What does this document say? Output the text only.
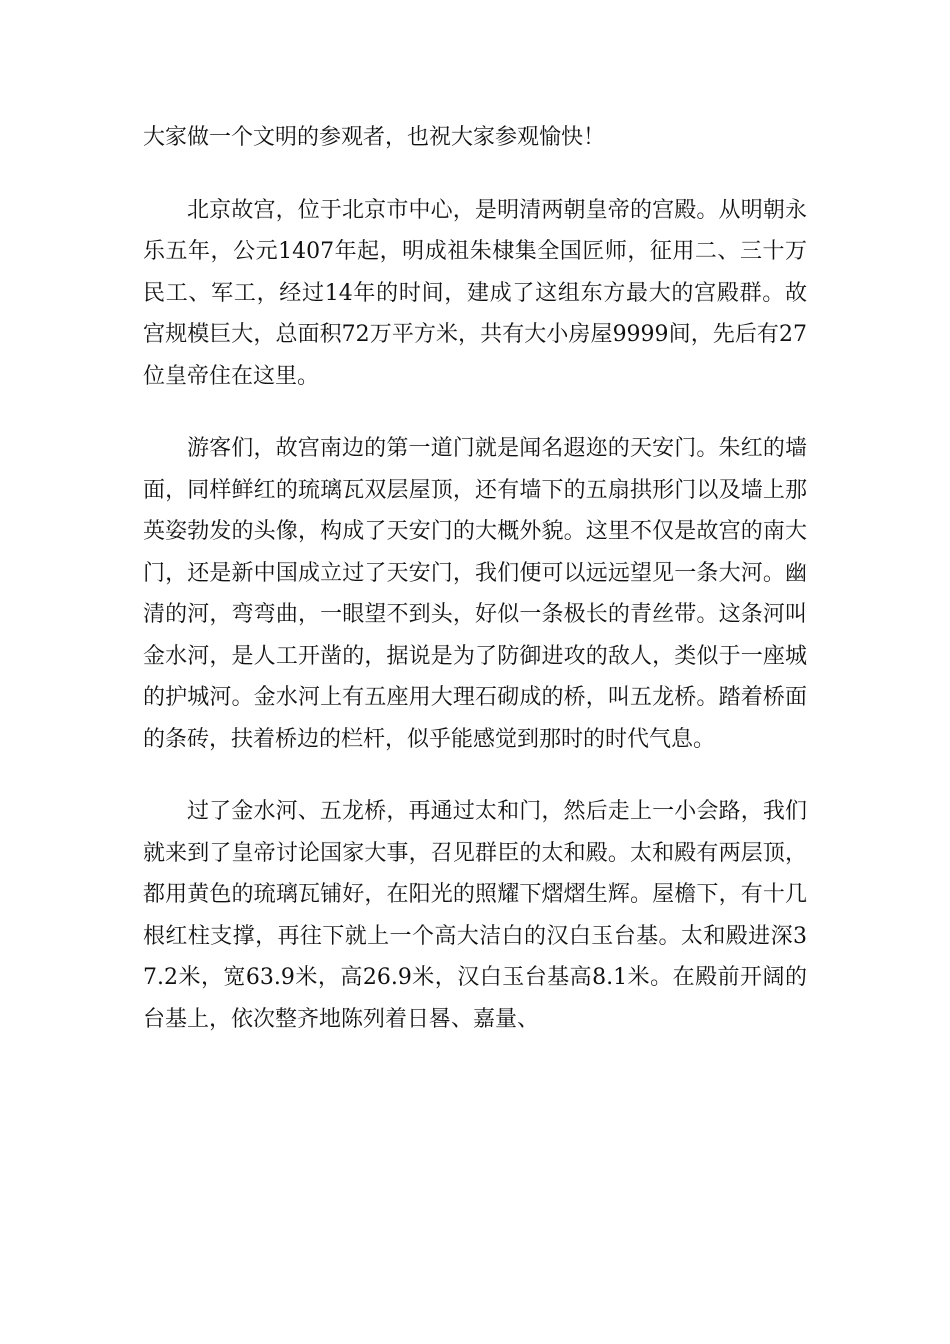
大家做一个文明的参观者，也祝大家参观愉快！

北京故宫，位于北京市中心，是明清两朝皇帝的宫殿。从明朝永乐五年，公元1407年起，明成祖朱棣集全国匠师，征用二、三十万民工、军工，经过14年的时间，建成了这组东方最大的宫殿群。故宫规模巨大，总面积72万平方米，共有大小房屋9999间，先后有27位皇帝住在这里。

游客们，故宫南边的第一道门就是闻名遐迩的天安门。朱红的墙面，同样鲜红的琉璃瓦双层屋顶，还有墙下的五扇拱形门以及墙上那英姿勃发的头像，构成了天安门的大概外貌。这里不仅是故宫的南大门，还是新中国成立过了天安门，我们便可以远远望见一条大河。幽清的河，弯弯曲，一眼望不到头，好似一条极长的青丝带。这条河叫金水河，是人工开凿的，据说是为了防御进攻的敌人，类似于一座城的护城河。金水河上有五座用大理石砌成的桥，叫五龙桥。踏着桥面的条砖，扶着桥边的栏杆，似乎能感觉到那时的时代气息。

过了金水河、五龙桥，再通过太和门，然后走上一小会路，我们就来到了皇帝讨论国家大事，召见群臣的太和殿。太和殿有两层顶，都用黄色的琉璃瓦铺好，在阳光的照耀下熠熠生辉。屋檐下，有十几根红柱支撑，再往下就上一个高大洁白的汉白玉台基。太和殿进深37.2米，宽63.9米，高26.9米，汉白玉台基高8.1米。在殿前开阔的台基上，依次整齐地陈列着日晷、嘉量、
